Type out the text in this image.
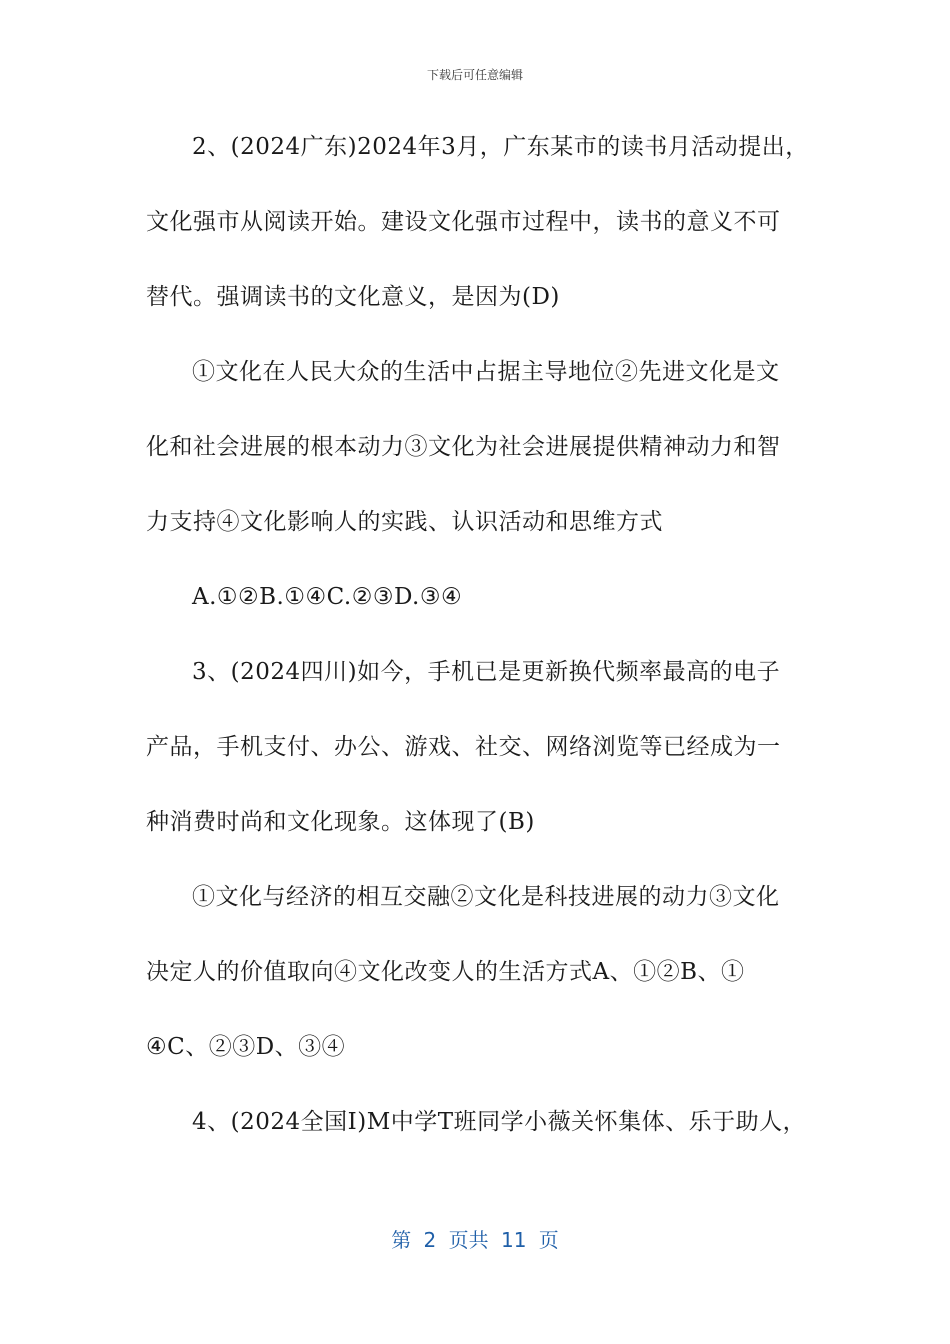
下载后可任意编辑
2、(2024广东)2024年3月，广东某市的读书月活动提出，
文化强市从阅读开始。建设文化强市过程中，读书的意义不可
替代。强调读书的文化意义，是因为(D)
①文化在人民大众的生活中占据主导地位②先进文化是文
化和社会进展的根本动力③文化为社会进展提供精神动力和智
力支持④文化影响人的实践、认识活动和思维方式
A.①②B.①④C.②③D.③④
3、(2024四川)如今，手机已是更新换代频率最高的电子
产品，手机支付、办公、游戏、社交、网络浏览等已经成为一
种消费时尚和文化现象。这体现了(B)
①文化与经济的相互交融②文化是科技进展的动力③文化
决定人的价值取向④文化改变人的生活方式A、①②B、①
④C、②③D、③④
4、(2024全国Ⅰ)M中学T班同学小薇关怀集体、乐于助人，
第 2 页共 11 页
